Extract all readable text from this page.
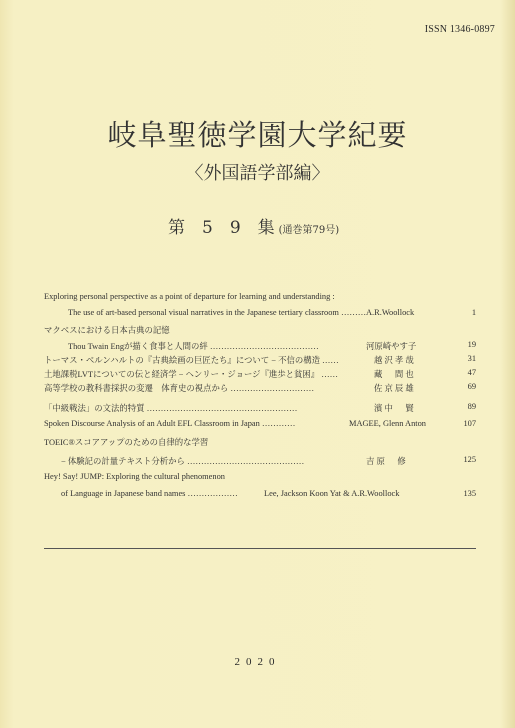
ISSN 1346-0897
岐阜聖徳学園大学紀要
〈外国語学部編〉
第　5　9　集 (通巻第79号)
Exploring personal perspective as a point of departure for learning and understanding :
The use of art-based personal visual narratives in the Japanese tertiary classroom ……… A.R.Woollock	1
マクベスにおける日本古典の記憶
Thou Twain Engが描く食事と人間の絆 …………………………………	河原崎やす子	19
トーマス・ベルンハルトの『古典絵画の巨匠たち』について − 不信の構造 ……	越 沢 孝 哉	31
土地課税LVTについての伝と経済学 − ヘンリー・ジョージ『進歩と貧困』 ……	藏 　 間 也	47
高等学校の教科書採択の変遷　体育史の視点から …………………………	佐 京 辰 雄	69
「中級戦法」の文法的特質 ………………………………………………	濱 中 　 賢	89
Spoken Discourse Analysis of an Adult EFL Classroom in Japan …………	MAGEE, Glenn Anton	107
TOEIC®スコアアップのための自律的な学習
− 体験記の計量テキスト分析から ……………………………………	吉 原 　 修	125
Hey! Say! JUMP: Exploring the cultural phenomenon
of Language in Japanese band names ………………	Lee, Jackson Koon Yat & A.R.Woollock	135
2020
